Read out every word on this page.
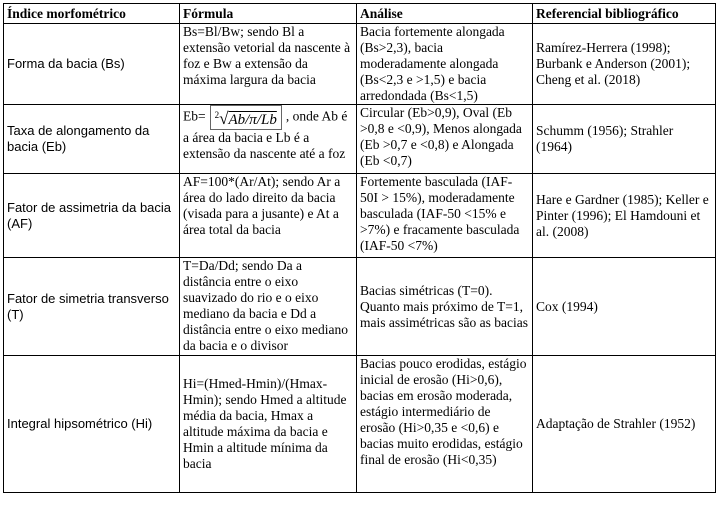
Índice morfométrico	Fórmula	Análise	Referencial bibliográfico
Forma da bacia (Bs)	Bs=Bl/Bw; sendo Bl a extensão vetorial da nascente à foz e Bw a extensão da máxima largura da bacia	Bacia fortemente alongada (Bs>2,3), bacia moderadamente alongada (Bs<2,3 e >1,5) e bacia arredondada (Bs<1,5)	Ramírez-Herrera (1998); Burbank e Anderson (2001); Cheng et al. (2018)
Taxa de alongamento da bacia (Eb)	Eb= $^2$√Ab/π/Lb , onde Ab é a área da bacia e Lb é a extensão da nascente até a foz	Circular (Eb>0,9), Oval (Eb >0,8 e <0,9), Menos alongada (Eb >0,7 e <0,8) e Alongada (Eb <0,7)	Schumm (1956); Strahler (1964)
Fator de assimetria da bacia (AF)	AF=100*(Ar/At); sendo Ar a área do lado direito da bacia (visada para a jusante) e At a área total da bacia	Fortemente basculada (IAF-50I > 15%), moderadamente basculada (IAF-50 <15% e >7%) e fracamente basculada (IAF-50 <7%)	Hare e Gardner (1985); Keller e Pinter (1996); El Hamdouni et al. (2008)
Fator de simetria transverso (T)	T=Da/Dd; sendo Da a distância entre o eixo suavizado do rio e o eixo mediano da bacia e Dd a distância entre o eixo mediano da bacia e o divisor	Bacias simétricas (T=0). Quanto mais próximo de T=1, mais assimétricas são as bacias	Cox (1994)
Integral hipsométrico (Hi)	Hi=(Hmed-Hmin)/(Hmax-Hmin); sendo Hmed a altitude média da bacia, Hmax a altitude máxima da bacia e Hmin a altitude mínima da bacia	Bacias pouco erodidas, estágio inicial de erosão (Hi>0,6), bacias em erosão moderada, estágio intermediário de erosão (Hi>0,35 e <0,6) e bacias muito erodidas, estágio final de erosão (Hi<0,35)	Adaptação de Strahler (1952)
